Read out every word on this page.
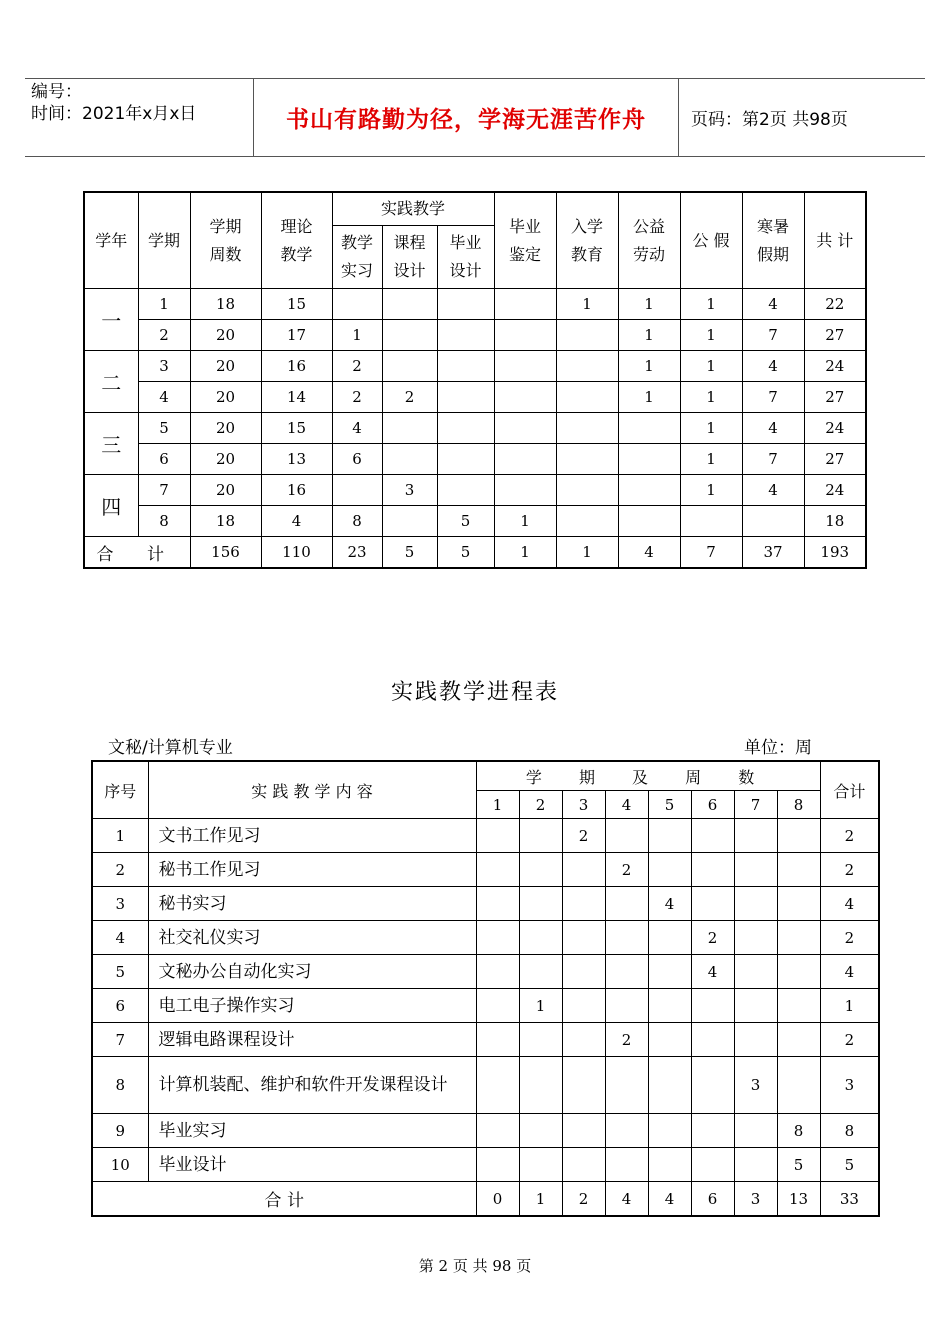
编号：
时间：2021年x月x日	书山有路勤为径，学海无涯苦作舟	页码：第2页 共98页
学年	学期	学期周数	理论教学	实践教学			毕业鉴定	入学教育	公益劳动	公 假	寒暑假期	共 计
				教学实习	课程设计	毕业设计						
一	1	18	15					1	1	1	4	22
	2	20	17	1					1	1	7	27
二	3	20	16	2					1	1	4	24
	4	20	14	2	2				1	1	7	27
三	5	20	15	4						1	4	24
	6	20	13	6						1	7	27
四	7	20	16		3					1	4	24
	8	18	4	8		5	1					18
合 计		156	110	23	5	5	1	1	4	7	37	193
实践教学进程表
文秘/计算机专业	单位：周
序号	实 践 教 学 内 容	学 期 及 周 数								合计
		1	2	3	4	5	6	7	8	
1	文书工作见习			2						2
2	秘书工作见习				2					2
3	秘书实习					4				4
4	社交礼仪实习						2			2
5	文秘办公自动化实习						4			4
6	电工电子操作实习		1							1
7	逻辑电路课程设计				2					2
8	计算机装配、维护和软件开发课程设计							3		3
9	毕业实习								8	8
10	毕业设计								5	5
合 计		0	1	2	4	4	6	3	13	33
第 2 页 共 98 页
